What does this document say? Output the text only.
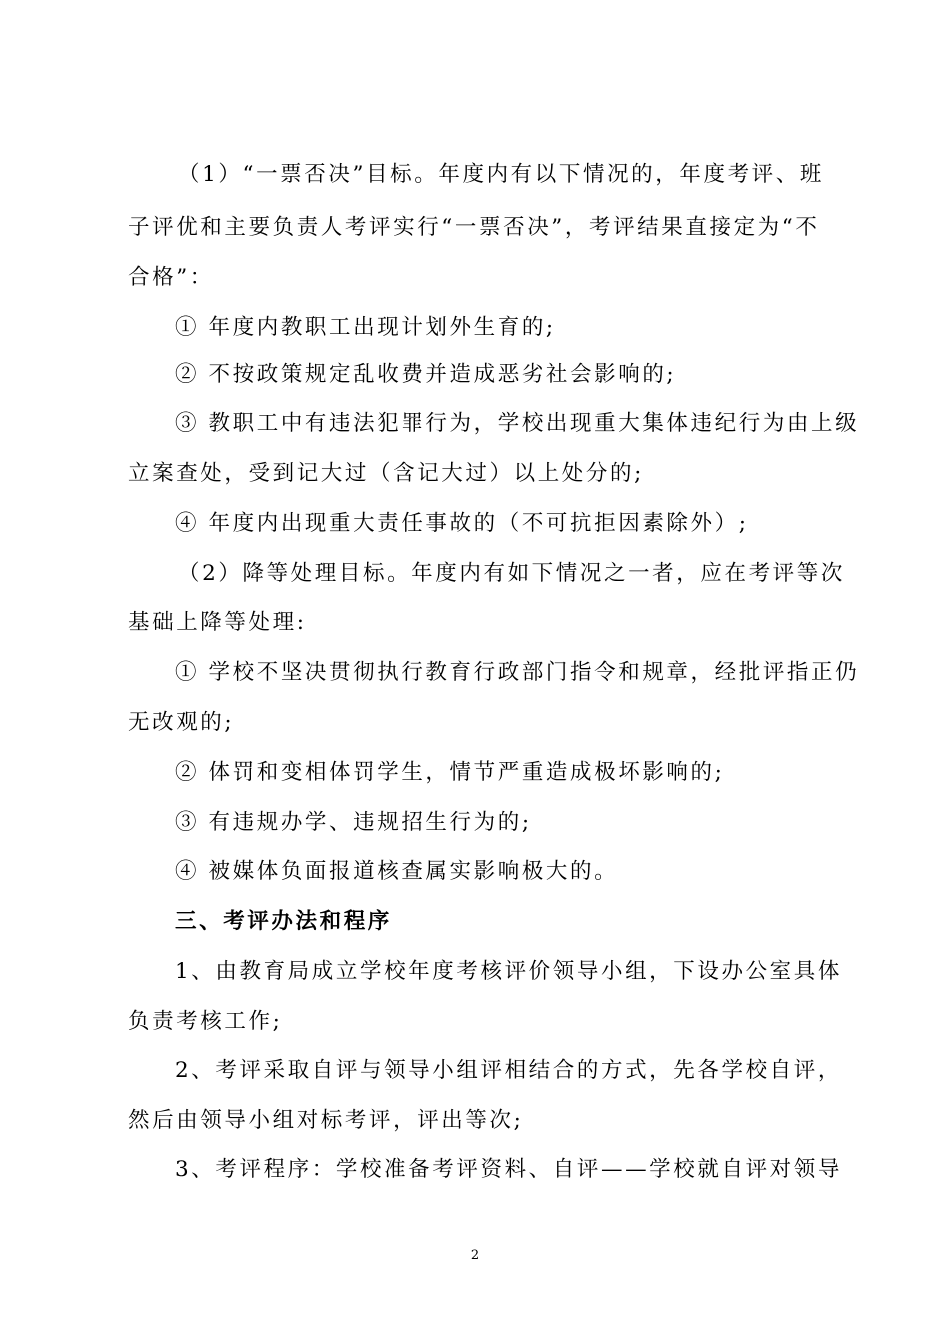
（1）“一票否决”目标。年度内有以下情况的，年度考评、班
子评优和主要负责人考评实行“一票否决”，考评结果直接定为“不
合格”：
① 年度内教职工出现计划外生育的;
② 不按政策规定乱收费并造成恶劣社会影响的;
③ 教职工中有违法犯罪行为，学校出现重大集体违纪行为由上级
立案查处，受到记大过（含记大过）以上处分的;
④ 年度内出现重大责任事故的（不可抗拒因素除外）;
（2）降等处理目标。年度内有如下情况之一者，应在考评等次
基础上降等处理:
① 学校不坚决贯彻执行教育行政部门指令和规章，经批评指正仍
无改观的;
② 体罚和变相体罚学生，情节严重造成极坏影响的;
③ 有违规办学、违规招生行为的;
④ 被媒体负面报道核查属实影响极大的。
三、考评办法和程序
1、由教育局成立学校年度考核评价领导小组，下设办公室具体
负责考核工作;
2、考评采取自评与领导小组评相结合的方式，先各学校自评，
然后由领导小组对标考评，评出等次;
3、考评程序：学校准备考评资料、自评——学校就自评对领导
2
